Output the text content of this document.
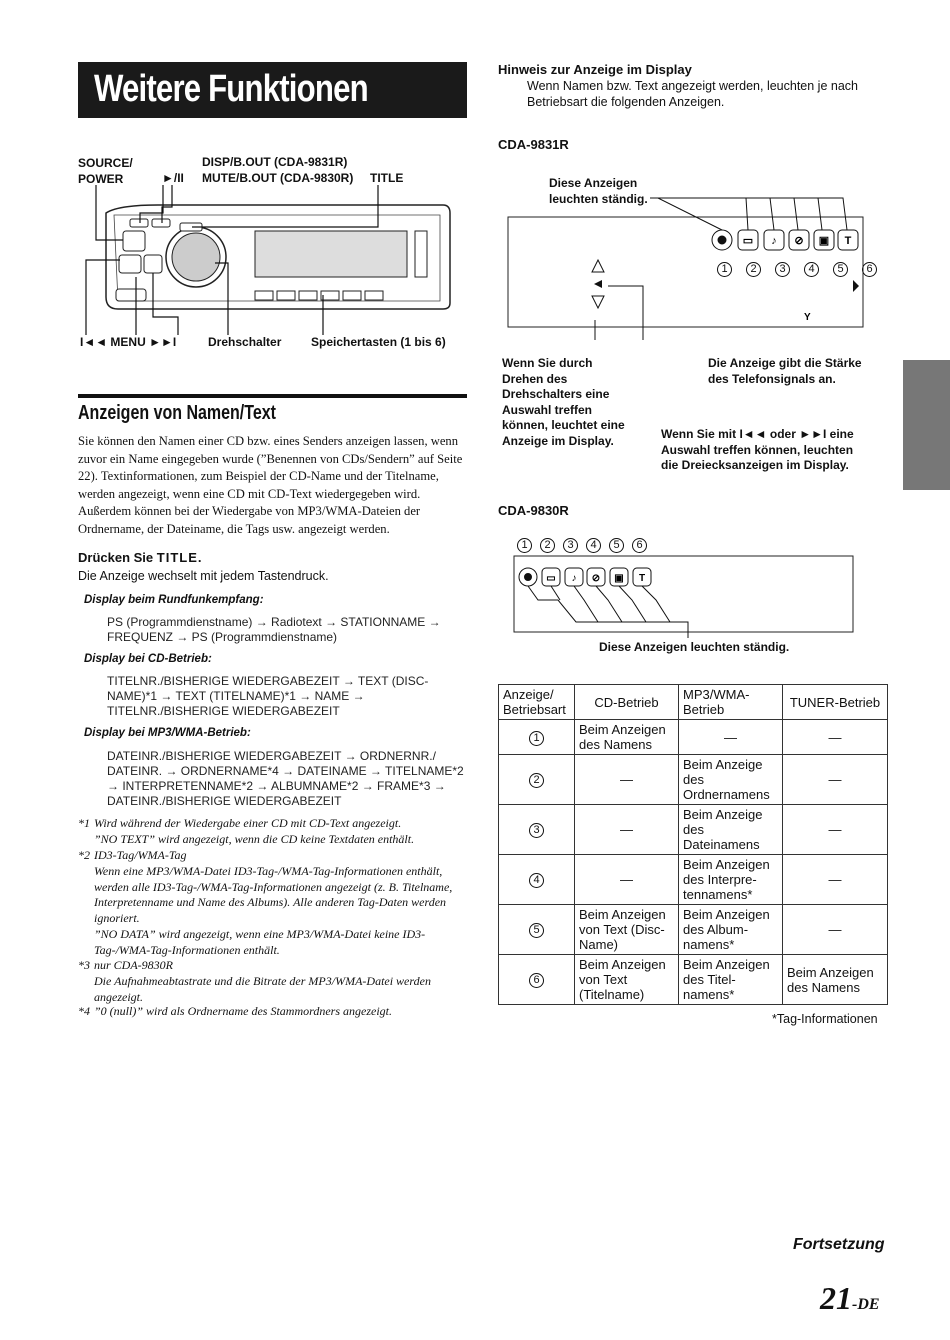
Weitere Funktionen
SOURCE/
POWER	►/II
DISP/B.OUT (CDA-9831R)
MUTE/B.OUT (CDA-9830R) TITLE
I◄◄ MENU ►►I	Drehschalter Speichertasten (1 bis 6)
Anzeigen von Namen/Text
Sie können den Namen einer CD bzw. eines Senders anzeigen lassen, wenn zuvor ein Name eingegeben wurde (”Benennen von CDs/Sendern” auf Seite 22). Textinformationen, zum Beispiel der CD-Name und der Titelname, werden angezeigt, wenn eine CD mit CD-Text wiedergegeben wird. Außerdem können bei der Wiedergabe von MP3/WMA-Dateien der Ordnername, der Dateiname, die Tags usw. angezeigt werden.
Drücken Sie TITLE.
Die Anzeige wechselt mit jedem Tastendruck.
Display beim Rundfunkempfang:
PS (Programmdienstname) → Radiotext → STATIONNAME → FREQUENZ → PS (Programmdienstname)
Display bei CD-Betrieb:
TITELNR./BISHERIGE WIEDERGABEZEIT → TEXT (DISC-NAME)*1 → TEXT (TITELNAME)*1 → NAME → TITELNR./BISHERIGE WIEDERGABEZEIT
Display bei MP3/WMA-Betrieb:
DATEINR./BISHERIGE WIEDERGABEZEIT → ORDNERNR./ DATEINR. → ORDNERNAME*4 → DATEINAME → TITELNAME*2 → INTERPRETENNAME*2 → ALBUMNAME*2 → FRAME*3 → DATEINR./BISHERIGE WIEDERGABEZEIT
*1 Wird während der Wiedergabe einer CD mit CD-Text angezeigt.
”NO TEXT” wird angezeigt, wenn die CD keine Textdaten enthält.
*2 ID3-Tag/WMA-Tag
Wenn eine MP3/WMA-Datei ID3-Tag-/WMA-Tag-Informationen enthält, werden alle ID3-Tag-/WMA-Tag-Informationen angezeigt (z. B. Titelname, Interpretenname und Name des Albums). Alle anderen Tag-Daten werden ignoriert.
”NO DATA” wird angezeigt, wenn eine MP3/WMA-Datei keine ID3-Tag-/WMA-Tag-Informationen enthält.
*3 nur CDA-9830R
Die Aufnahmeabtastrate und die Bitrate der MP3/WMA-Datei werden angezeigt.
*4 ”0 (null)” wird als Ordnername des Stammordners angezeigt.
Hinweis zur Anzeige im Display
Wenn Namen bzw. Text angezeigt werden, leuchten je nach Betriebsart die folgenden Anzeigen.
CDA-9831R
Diese Anzeigen
leuchten ständig.
▭ ♪ ⊘ ▣ T
Y
1	2	3	4	5	6
Wenn Sie durch
Drehen des
Drehschalters eine
Auswahl treffen
können, leuchtet eine
Anzeige im Display.
Die Anzeige gibt die Stärke
des Telefonsignals an.
Wenn Sie mit I◄◄ oder ►►I eine
Auswahl treffen können, leuchten
die Dreiecksanzeigen im Display.
CDA-9830R
▭ ♪ ⊘ ▣ T
1	2	3	4	5	6
Diese Anzeigen leuchten ständig.
Anzeige/
Betriebsart	CD-Betrieb	MP3/WMA-
Betrieb	TUNER-Betrieb
1	Beim Anzeigen
des Namens	—	—
2	—	Beim Anzeige
des
Ordnernamens	—
3	—	Beim Anzeige
des
Dateinamens	—
4	—	Beim Anzeigen
des Interpre-
tennamens*	—
5	Beim Anzeigen
von Text (Disc-
Name)	Beim Anzeigen
des Album-
namens*	—
6	Beim Anzeigen
von Text
(Titelname)	Beim Anzeigen
des Titel-
namens*	Beim Anzeigen
des Namens
*Tag-Informationen
Fortsetzung
21-DE
